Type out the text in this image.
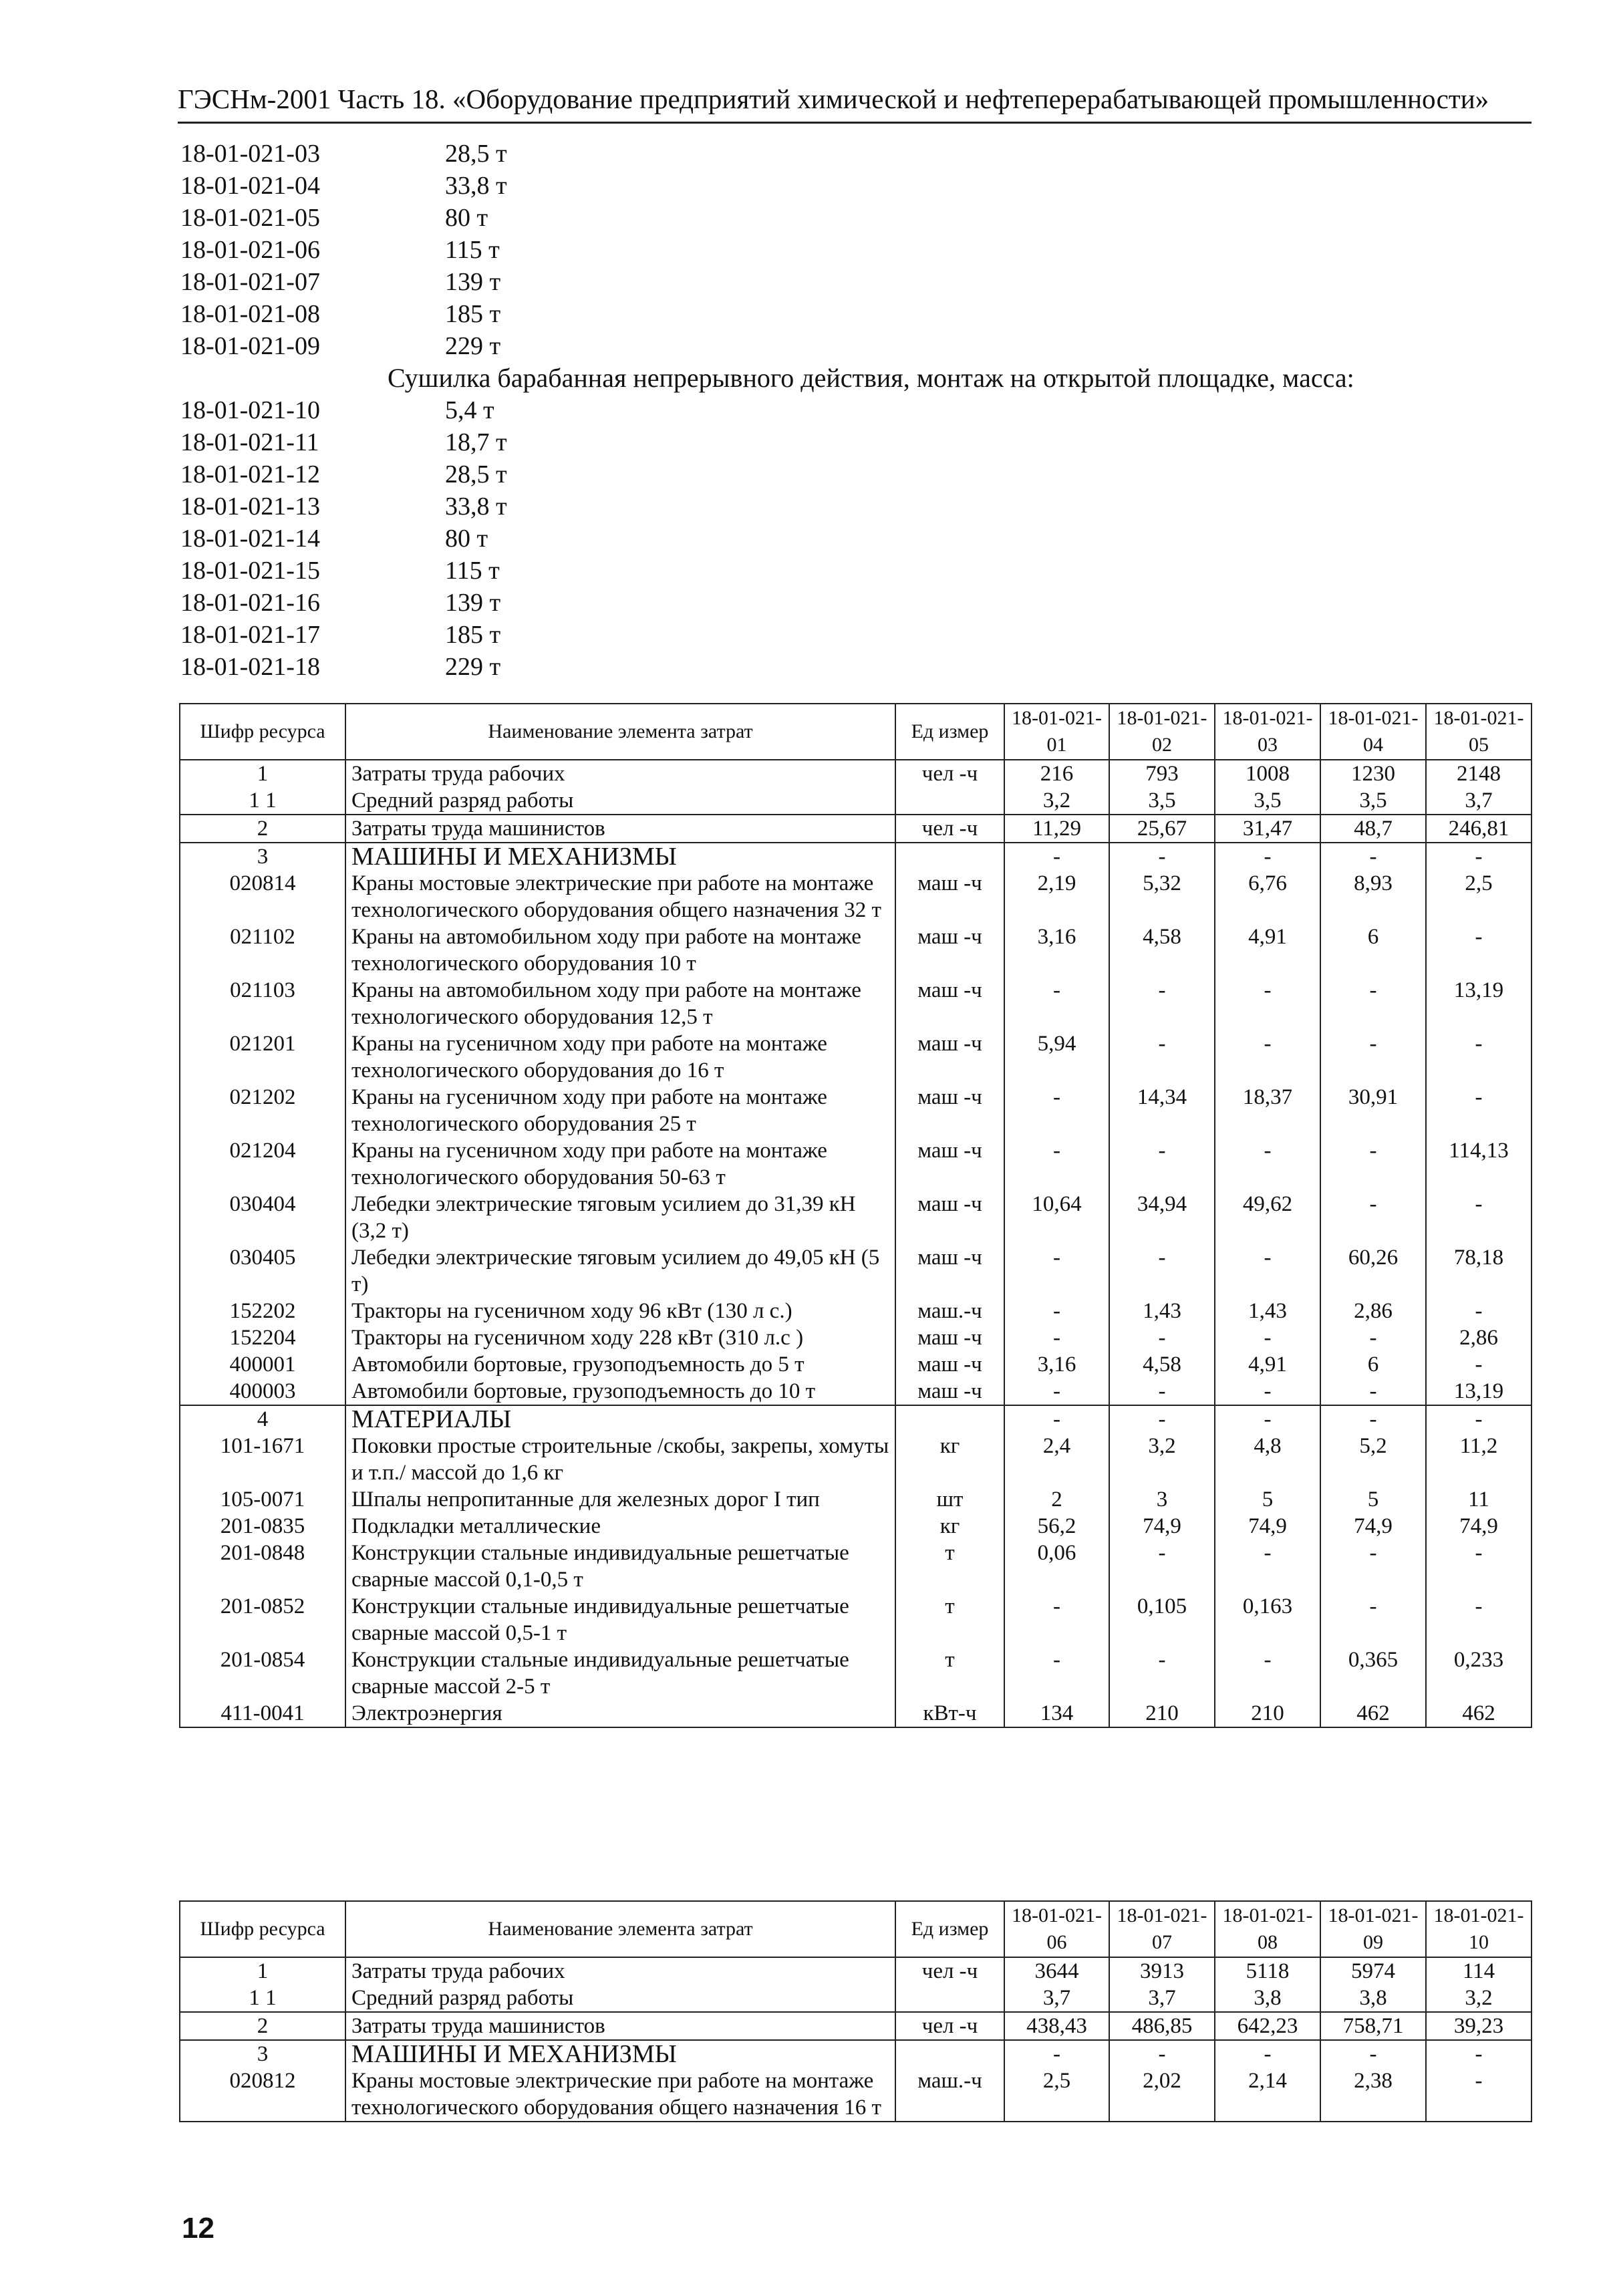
ГЭСНм-2001 Часть 18. «Оборудование предприятий химической и нефтеперерабатывающей промышленности»
18-01-021-03	28,5 т
18-01-021-04	33,8 т
18-01-021-05	80 т
18-01-021-06	115 т
18-01-021-07	139 т
18-01-021-08	185 т
18-01-021-09	229 т
Сушилка барабанная непрерывного действия, монтаж на открытой площадке, масса:
18-01-021-10	5,4 т
18-01-021-11	18,7 т
18-01-021-12	28,5 т
18-01-021-13	33,8 т
18-01-021-14	80 т
18-01-021-15	115 т
18-01-021-16	139 т
18-01-021-17	185 т
18-01-021-18	229 т
Шифр ресурса	Наименование элемента затрат	Ед измер	18-01-021-01	18-01-021-02	18-01-021-03	18-01-021-04	18-01-021-05
1	Затраты труда рабочих	чел -ч	216	793	1008	1230	2148
1 1	Средний разряд работы		3,2	3,5	3,5	3,5	3,7
2	Затраты труда машинистов	чел -ч	11,29	25,67	31,47	48,7	246,81
3	МАШИНЫ И МЕХАНИЗМЫ		-	-	-	-	-
020814	Краны мостовые электрические при работе на монтаже технологического оборудования общего назначения 32 т	маш -ч	2,19	5,32	6,76	8,93	2,5
021102	Краны на автомобильном ходу при работе на монтаже технологического оборудования 10 т	маш -ч	3,16	4,58	4,91	6	-
021103	Краны на автомобильном ходу при работе на монтаже технологического оборудования 12,5 т	маш -ч	-	-	-	-	13,19
021201	Краны на гусеничном ходу при работе на монтаже технологического оборудования до 16 т	маш -ч	5,94	-	-	-	-
021202	Краны на гусеничном ходу при работе на монтаже технологического оборудования 25 т	маш -ч	-	14,34	18,37	30,91	-
021204	Краны на гусеничном ходу при работе на монтаже технологического оборудования 50-63 т	маш -ч	-	-	-	-	114,13
030404	Лебедки электрические тяговым усилием до 31,39 кН (3,2 т)	маш -ч	10,64	34,94	49,62	-	-
030405	Лебедки электрические тяговым усилием до 49,05 кН (5 т)	маш -ч	-	-	-	60,26	78,18
152202	Тракторы на гусеничном ходу 96 кВт (130 л с.)	маш.-ч	-	1,43	1,43	2,86	-
152204	Тракторы на гусеничном ходу 228 кВт (310 л.с )	маш -ч	-	-	-	-	2,86
400001	Автомобили бортовые, грузоподъемность до 5 т	маш -ч	3,16	4,58	4,91	6	-
400003	Автомобили бортовые, грузоподъемность до 10 т	маш -ч	-	-	-	-	13,19
4	МАТЕРИАЛЫ		-	-	-	-	-
101-1671	Поковки простые строительные /скобы, закрепы, хомуты и т.п./ массой до 1,6 кг	кг	2,4	3,2	4,8	5,2	11,2
105-0071	Шпалы непропитанные для железных дорог I тип	шт	2	3	5	5	11
201-0835	Подкладки металлические	кг	56,2	74,9	74,9	74,9	74,9
201-0848	Конструкции стальные индивидуальные решетчатые сварные массой 0,1-0,5 т	т	0,06	-	-	-	-
201-0852	Конструкции стальные индивидуальные решетчатые сварные массой 0,5-1 т	т	-	0,105	0,163	-	-
201-0854	Конструкции стальные индивидуальные решетчатые сварные массой 2-5 т	т	-	-	-	0,365	0,233
411-0041	Электроэнергия	кВт-ч	134	210	210	462	462
Шифр ресурса	Наименование элемента затрат	Ед измер	18-01-021-06	18-01-021-07	18-01-021-08	18-01-021-09	18-01-021-10
1	Затраты труда рабочих	чел -ч	3644	3913	5118	5974	114
1 1	Средний разряд работы		3,7	3,7	3,8	3,8	3,2
2	Затраты труда машинистов	чел -ч	438,43	486,85	642,23	758,71	39,23
3	МАШИНЫ И МЕХАНИЗМЫ		-	-	-	-	-
020812	Краны мостовые электрические при работе на монтаже технологического оборудования общего назначения 16 т	маш.-ч	2,5	2,02	2,14	2,38	-
12
